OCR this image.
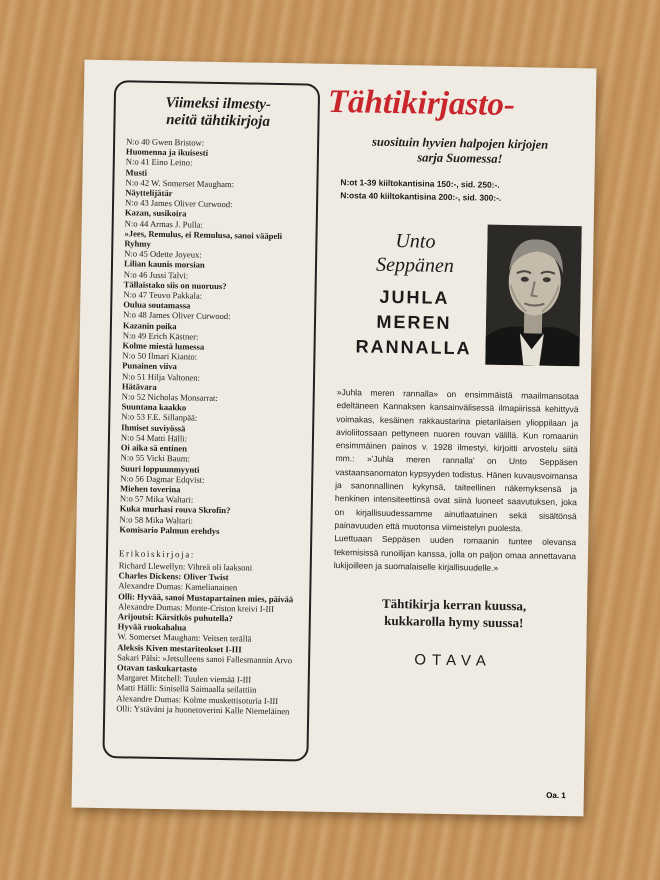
Viimeksi ilmesty-
neitä tähtikirjoja
N:o 40 Gwen Bristow:
Huomenna ja ikuisesti
N:o 41 Eino Leino:
Musti
N:o 42 W. Somerset Maugham:
Näyttelijätär
N:o 43 James Oliver Curwood:
Kazan, susikoira
N:o 44 Armas J. Pulla:
»Jees, Remulus, ei Remulusa, sanoi vääpeli Ryhmy
N:o 45 Odette Joyeux:
Lilian kaunis morsian
N:o 46 Jussi Talvi:
Tällaistako siis on nuoruus?
N:o 47 Teuvo Pakkala:
Oulua soutamassa
N:o 48 James Oliver Curwood:
Kazanin poika
N:o 49 Erich Kästner:
Kolme miestä lumessa
N:o 50 Ilmari Kianto:
Punainen viiva
N:o 51 Hilja Valtonen:
Hätävara
N:o 52 Nicholas Monsarrat:
Suuntana kaakko
N:o 53 F.E. Sillanpää:
Ihmiset suviyössä
N:o 54 Matti Hälli:
Oi aika sä entinen
N:o 55 Vicki Baum:
Suuri loppuunmyynti
N:o 56 Dagmar Edqvist:
Miehen toverina
N:o 57 Mika Waltari:
Kuka murhasi rouva Skrofin?
N:o 58 Mika Waltari:
Komisario Palmun erehdys
Erikoiskirjoja:
Richard Llewellyn: Vihreä oli laaksoni
Charles Dickens: Oliver Twist
Alexandre Dumas: Kamelianainen
Olli: Hyvää, sanoi Mustapartainen mies, päivää
Alexandre Dumas: Monte-Criston kreivi I-III
Arijoutsi: Kärsitkös puhutella?
Hyvää ruokahalua
W. Somerset Maugham: Veitsen terällä
Aleksis Kiven mestariteokset I-III
Sakari Pälsi: »Jetsulleens sanoi Fallesmannin Arvo
Otavan taskukartasto
Margaret Mitchell: Tuulen viemää I-III
Matti Hälli: Sinisellä Saimaalla seilattiin
Alexandre Dumas: Kolme muskettisoturia I-III
Olli: Ystäväni ja huonetoverini Kalle Niemeläinen
Tähtikirjasto-
suosituin hyvien halpojen kirjojen
sarja Suomessa!
N:ot 1-39 kiiltokantisina 150:-, sid. 250:-.
N:osta 40 kiiltokantisina 200:-, sid. 300:-.
Unto
Seppänen
JUHLA
MEREN
RANNALLA

»Juhla meren rannalla» on ensimmäistä maailmansotaa edeltäneen Kannaksen kansainvälisessä ilmapiirissä kehittyvä voimakas, kesäinen rakkaustarina pietarilaisen ylioppilaan ja avioliitossaan pettyneen nuoren rouvan välillä. Kun romaanin ensimmäinen painos v. 1928 ilmestyi, kirjoitti arvostelu siitä mm.: »'Juhla meren rannalla' on Unto Seppäsen vastaansanomaton kypsyyden todistus. Hänen kuvausvoimansa ja sanonnallinen kykynsä, taiteellinen näkemyksensä ja henkinen intensiteettinsä ovat siinä luoneet saavutuksen, joka on kirjallisuudessamme ainutlaatuinen sekä sisältönsä painavuuden että muotonsa viimeistelyn puolesta.

Luettuaan Seppäsen uuden romaanin tuntee olevansa tekemisissä runoilijan kanssa, jolla on paljon omaa annettavana lukijoilleen ja suomalaiselle kirjallisuudelle.»

Tähtikirja kerran kuussa,
kukkarolla hymy suussa!
OTAVA
Oa. 1
